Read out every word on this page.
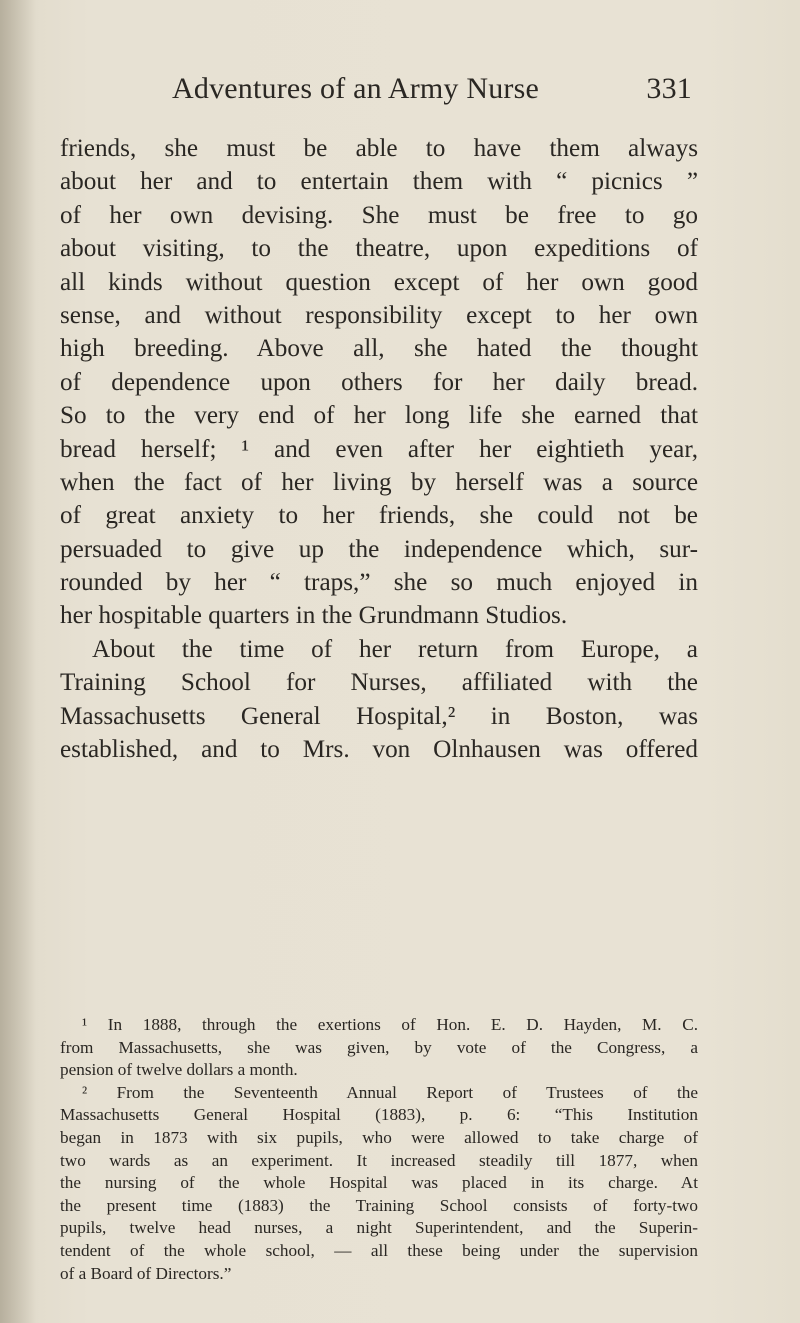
Adventures of an Army Nurse	331
friends, she must be able to have them always
about her and to entertain them with “ picnics ”
of her own devising. She must be free to go
about visiting, to the theatre, upon expeditions of
all kinds without question except of her own good
sense, and without responsibility except to her own
high breeding. Above all, she hated the thought
of dependence upon others for her daily bread.
So to the very end of her long life she earned that
bread herself; ¹ and even after her eightieth year,
when the fact of her living by herself was a source
of great anxiety to her friends, she could not be
persuaded to give up the independence which, sur-
rounded by her “ traps,” she so much enjoyed in
her hospitable quarters in the Grundmann Studios.
About the time of her return from Europe, a
Training School for Nurses, affiliated with the
Massachusetts General Hospital,² in Boston, was
established, and to Mrs. von Olnhausen was offered
¹ In 1888, through the exertions of Hon. E. D. Hayden, M. C.
from Massachusetts, she was given, by vote of the Congress, a
pension of twelve dollars a month.
² From the Seventeenth Annual Report of Trustees of the
Massachusetts General Hospital (1883), p. 6: “This Institution
began in 1873 with six pupils, who were allowed to take charge of
two wards as an experiment. It increased steadily till 1877, when
the nursing of the whole Hospital was placed in its charge. At
the present time (1883) the Training School consists of forty-two
pupils, twelve head nurses, a night Superintendent, and the Superin-
tendent of the whole school, — all these being under the supervision
of a Board of Directors.”
